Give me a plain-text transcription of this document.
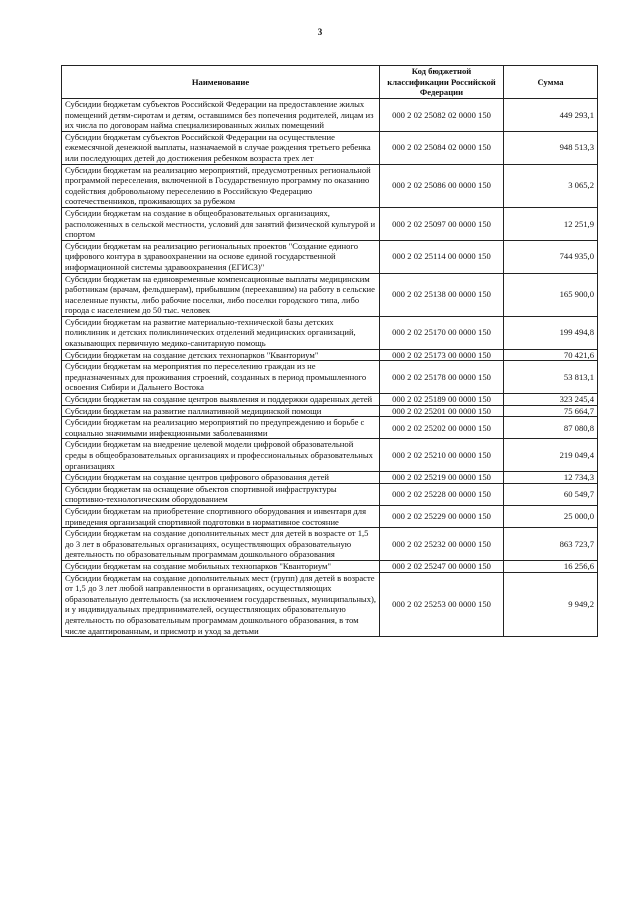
3
Наименование	Код бюджетной классификации Российской Федерации	Сумма
Субсидии бюджетам субъектов Российской Федерации на предоставление жилых помещений детям-сиротам и детям, оставшимся без попечения родителей, лицам из их числа по договорам найма специализированных жилых помещений	000 2 02 25082 02 0000 150	449 293,1
Субсидии бюджетам субъектов Российской Федерации на осуществление ежемесячной денежной выплаты, назначаемой в случае рождения третьего ребенка или последующих детей до достижения ребенком возраста трех лет	000 2 02 25084 02 0000 150	948 513,3
Субсидии бюджетам на реализацию мероприятий, предусмотренных региональной программой переселения, включенной в Государственную программу по оказанию содействия добровольному переселению в Российскую Федерацию соотечественников, проживающих за рубежом	000 2 02 25086 00 0000 150	3 065,2
Субсидии бюджетам на создание в общеобразовательных организациях, расположенных в сельской местности, условий для занятий физической культурой и спортом	000 2 02 25097 00 0000 150	12 251,9
Субсидии бюджетам на реализацию региональных проектов "Создание единого цифрового контура в здравоохранении на основе единой государственной информационной системы здравоохранения (ЕГИСЗ)"	000 2 02 25114 00 0000 150	744 935,0
Субсидии бюджетам на единовременные компенсационные выплаты медицинским работникам (врачам, фельдшерам), прибывшим (переехавшим) на работу в сельские населенные пункты, либо рабочие поселки, либо поселки городского типа, либо города с населением до 50 тыс. человек	000 2 02 25138 00 0000 150	165 900,0
Субсидии бюджетам на развитие материально-технической базы детских поликлиник и детских поликлинических отделений медицинских организаций, оказывающих первичную медико-санитарную помощь	000 2 02 25170 00 0000 150	199 494,8
Субсидии бюджетам на создание детских технопарков "Кванториум"	000 2 02 25173 00 0000 150	70 421,6
Субсидии бюджетам на мероприятия по переселению граждан из не предназначенных для проживания строений, созданных в период промышленного освоения Сибири и Дальнего Востока	000 2 02 25178 00 0000 150	53 813,1
Субсидии бюджетам на создание центров выявления и поддержки одаренных детей	000 2 02 25189 00 0000 150	323 245,4
Субсидии бюджетам на развитие паллиативной медицинской помощи	000 2 02 25201 00 0000 150	75 664,7
Субсидии бюджетам на реализацию мероприятий по предупреждению и борьбе с социально значимыми инфекционными заболеваниями	000 2 02 25202 00 0000 150	87 080,8
Субсидии бюджетам на внедрение целевой модели цифровой образовательной среды в общеобразовательных организациях и профессиональных образовательных организациях	000 2 02 25210 00 0000 150	219 049,4
Субсидии бюджетам на создание центров цифрового образования детей	000 2 02 25219 00 0000 150	12 734,3
Субсидии бюджетам на оснащение объектов спортивной инфраструктуры спортивно-технологическим оборудованием	000 2 02 25228 00 0000 150	60 549,7
Субсидии бюджетам на приобретение спортивного оборудования и инвентаря для приведения организаций спортивной подготовки в нормативное состояние	000 2 02 25229 00 0000 150	25 000,0
Субсидии бюджетам на создание дополнительных мест для детей в возрасте от 1,5 до 3 лет в образовательных организациях, осуществляющих образовательную деятельность по образовательным программам дошкольного образования	000 2 02 25232 00 0000 150	863 723,7
Субсидии бюджетам на создание мобильных технопарков "Кванториум"	000 2 02 25247 00 0000 150	16 256,6
Субсидии бюджетам на создание дополнительных мест (групп) для детей в возрасте от 1,5 до 3 лет любой направленности в организациях, осуществляющих образовательную деятельность (за исключением государственных, муниципальных), и у индивидуальных предпринимателей, осуществляющих образовательную деятельность по образовательным программам дошкольного образования, в том числе адаптированным, и присмотр и уход за детьми	000 2 02 25253 00 0000 150	9 949,2
